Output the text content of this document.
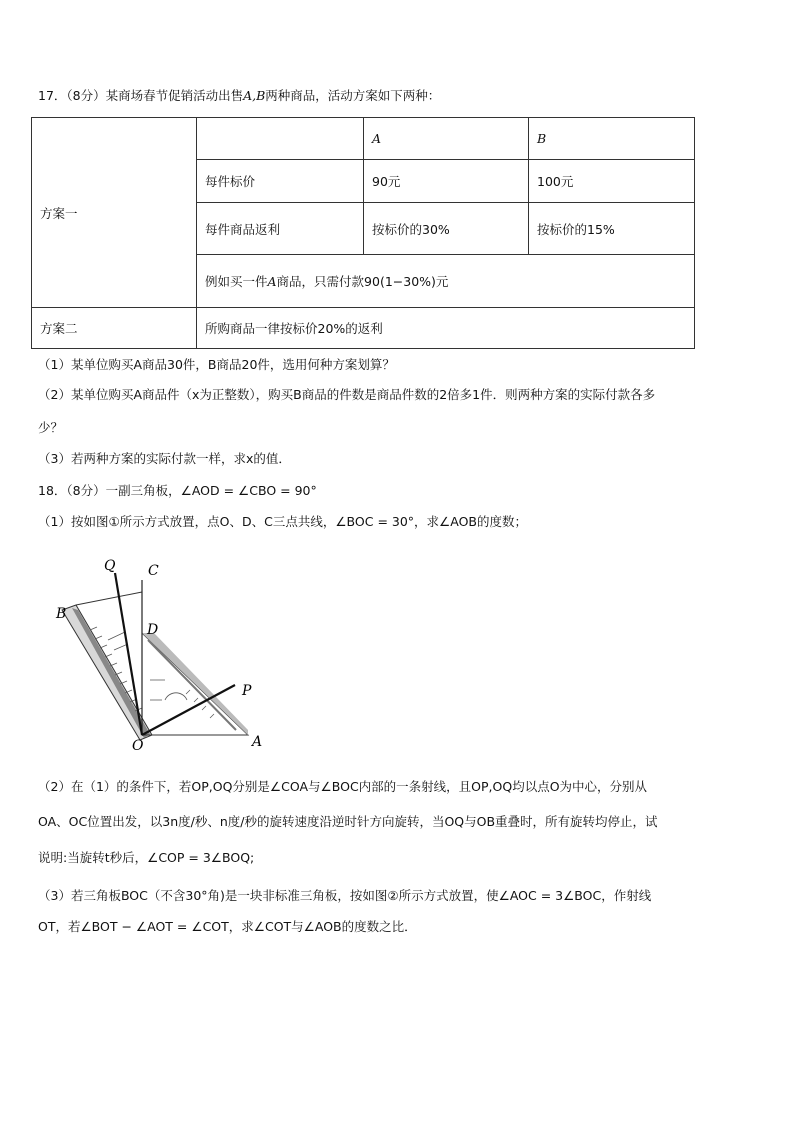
17．（8分）某商场春节促销活动出售A,B两种商品，活动方案如下两种：
方案一		A	B
	每件标价	90元	100元
	每件商品返利	按标价的30%	按标价的15%
	例如买一件A商品，只需付款90(1−30%)元		
方案二	所购商品一律按标价20%的返利		
（1）某单位购买A商品30件，B商品20件，选用何种方案划算？
（2）某单位购买A商品件（x为正整数），购买B商品的件数是商品件数的2倍多1件．则两种方案的实际付款各多
少？
（3）若两种方案的实际付款一样，求x的值．
18．（8分）一副三角板，∠AOD = ∠CBO = 90°
（1）按如图①所示方式放置，点O、D、C三点共线，∠BOC = 30°，求∠AOB的度数；
Q C
B
D
P
O	A
（2）在（1）的条件下，若OP,OQ分别是∠COA与∠BOC内部的一条射线，且OP,OQ均以点O为中心，分别从
OA、OC位置出发，以3n度/秒、n度/秒的旋转速度沿逆时针方向旋转，当OQ与OB重叠时，所有旋转均停止，试
说明:当旋转t秒后，∠COP = 3∠BOQ;
（3）若三角板BOC（不含30°角)是一块非标准三角板，按如图②所示方式放置，使∠AOC = 3∠BOC，作射线
OT，若∠BOT − ∠AOT = ∠COT，求∠COT与∠AOB的度数之比．
